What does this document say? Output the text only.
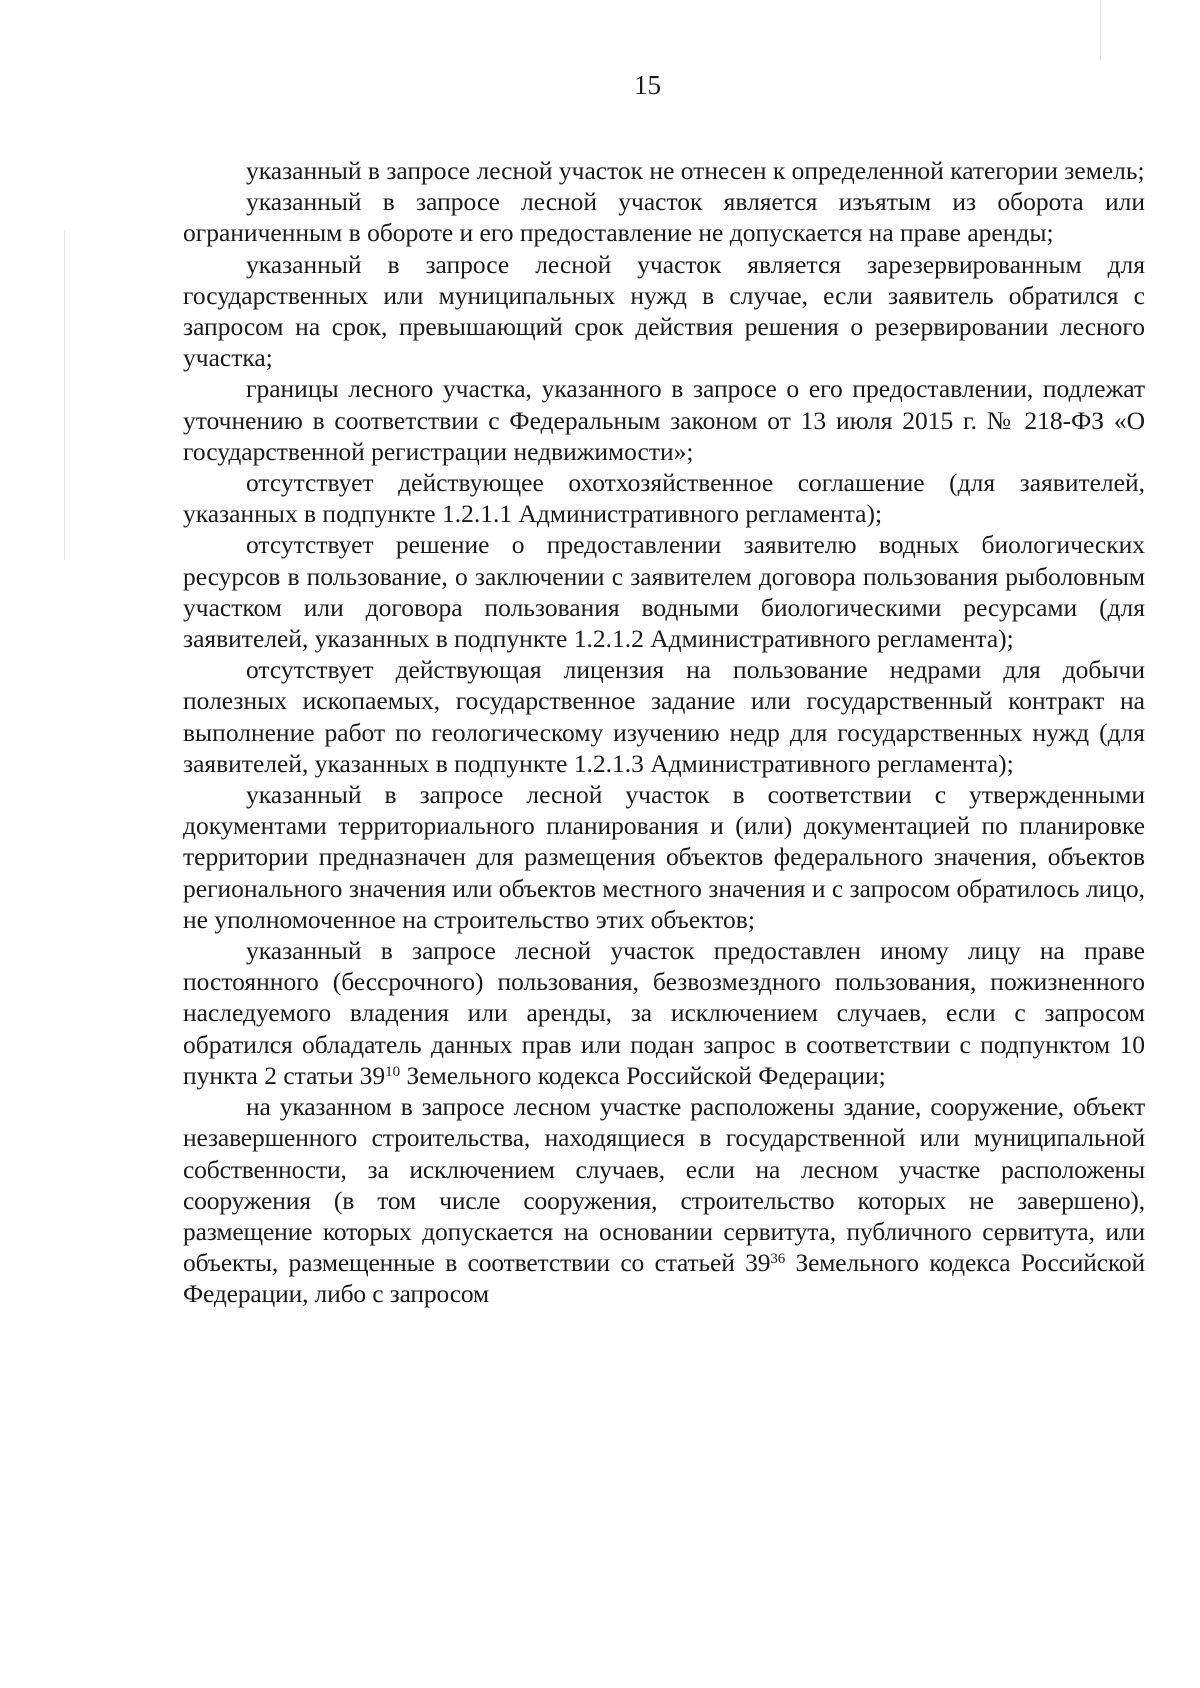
15

указанный в запросе лесной участок не отнесен к определенной категории земель;

указанный в запросе лесной участок является изъятым из оборота или ограниченным в обороте и его предоставление не допускается на праве аренды;

указанный в запросе лесной участок является зарезервированным для государственных или муниципальных нужд в случае, если заявитель обратился с запросом на срок, превышающий срок действия решения о резервировании лесного участка;

границы лесного участка, указанного в запросе о его предоставлении, подлежат уточнению в соответствии с Федеральным законом от 13 июля 2015 г. № 218-ФЗ «О государственной регистрации недвижимости»;

отсутствует действующее охотхозяйственное соглашение (для заявителей, указанных в подпункте 1.2.1.1 Административного регламента);

отсутствует решение о предоставлении заявителю водных биологических ресурсов в пользование, о заключении с заявителем договора пользования рыболовным участком или договора пользования водными биологическими ресурсами (для заявителей, указанных в подпункте 1.2.1.2 Административного регламента);

отсутствует действующая лицензия на пользование недрами для добычи полезных ископаемых, государственное задание или государственный контракт на выполнение работ по геологическому изучению недр для государственных нужд (для заявителей, указанных в подпункте 1.2.1.3 Административного регламента);

указанный в запросе лесной участок в соответствии с утвержденными документами территориального планирования и (или) документацией по планировке территории предназначен для размещения объектов федерального значения, объектов регионального значения или объектов местного значения и с запросом обратилось лицо, не уполномоченное на строительство этих объектов;

указанный в запросе лесной участок предоставлен иному лицу на праве постоянного (бессрочного) пользования, безвозмездного пользования, пожизненного наследуемого владения или аренды, за исключением случаев, если с запросом обратился обладатель данных прав или подан запрос в соответствии с подпунктом 10 пункта 2 статьи $39^{10}$ Земельного кодекса Российской Федерации;

на указанном в запросе лесном участке расположены здание, сооружение, объект незавершенного строительства, находящиеся в государственной или муниципальной собственности, за исключением случаев, если на лесном участке расположены сооружения (в том числе сооружения, строительство которых не завершено), размещение которых допускается на основании сервитута, публичного сервитута, или объекты, размещенные в соответствии со статьей $39^{36}$ Земельного кодекса Российской Федерации, либо с запросом
